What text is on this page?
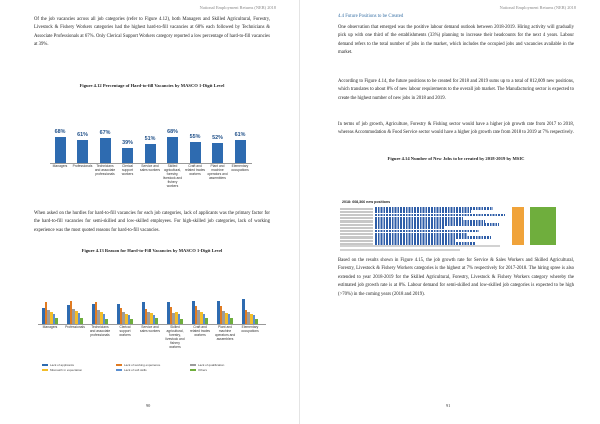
National Employment Returns (NER) 2018

Of the job vacancies across all job categories (refer to Figure 4.12), both Managers and Skilled Agricultural, Forestry, Livestock & Fishery Workers categories had the highest hard-to-fill vacancies at 68% each followed by Technicians & Associate Professionals at 67%. Only Clerical Support Workers category reported a low percentage of hard-to-fill vacancies at 39%.

Figure 4.12 Percentage of Hard-to-fill Vacancies by MASCO 1-Digit Level

68%
Managers
61%
Professionals
67%
Technicians and associate professionals
39%
Clerical support workers
51%
Service and sales workers
68%
Skilled agricultural, forestry, livestock and fishery workers
55%
Craft and related trades workers
52%
Plant and machine operators and assemblers
61%
Elementary occupations

When asked on the hurdles for hard-to-fill vacancies for each job categories, lack of applicants was the primary factor for the hard-to-fill vacancies for semi-skilled and low-skilled employees. For high-skilled job categories, lack of working experience was the most quoted reasons for hard-to-fill vacancies.

Figure 4.13 Reason for Hard-to-Fill Vacancies by MASCO 1-Digit Level

Lack of applicants	Lack of working experience	Lack of qualification
Mismatch in expectation	Lack of soft skills	Others
Managers	Professionals	Technicians and associate professionals
Clerical support workers
Service and sales workers
Skilled agricultural, forestry, livestock and fishery workers
Craft and related trades workers
Plant and machine operators and assemblers
Elementary occupations
90
National Employment Returns (NER) 2018

4.4 Future Positions to be Created

One observation that emerged was the positive labour demand outlook between 2018-2019. Hiring activity will gradually pick up with one third of the establishments (33%) planning to increase their headcounts for the next 4 years. Labour demand refers to the total number of jobs in the market, which includes the occupied jobs and vacancies available in the market.

According to Figure 4.14, the future positions to be created for 2018 and 2019 sums up to a total of 812,009 new positions, which translates to about 8% of new labour requirements to the overall job market. The Manufacturing sector is expected to create the highest number of new jobs in 2018 and 2019.

In terms of job growth, Agriculture, Forestry & Fishing sector would have a higher job growth rate from 2017 to 2018, whereas Accommodation & Food Service sector would have a higher job growth rate from 2018 to 2019 at 7% respectively.

Figure 4.14 Number of New Jobs to be created by 2018-2019 by MSIC

Based on the results shown in Figure 4.15, the job growth rate for Service & Sales Workers and Skilled Agricultural, Forestry, Livestock & Fishery Workers categories is the highest at 7% respectively for 2017-2018. The hiring spree is also extended to year 2018-2019 for the Skilled Agricultural, Forestry, Livestock & Fishery Workers category whereby the estimated job growth rate is at 8%. Labour demand for semi-skilled and low-skilled job categories is expected to be high (>70%) in the coming years (2018 and 2019).

91
2018: 608,366 new positions
